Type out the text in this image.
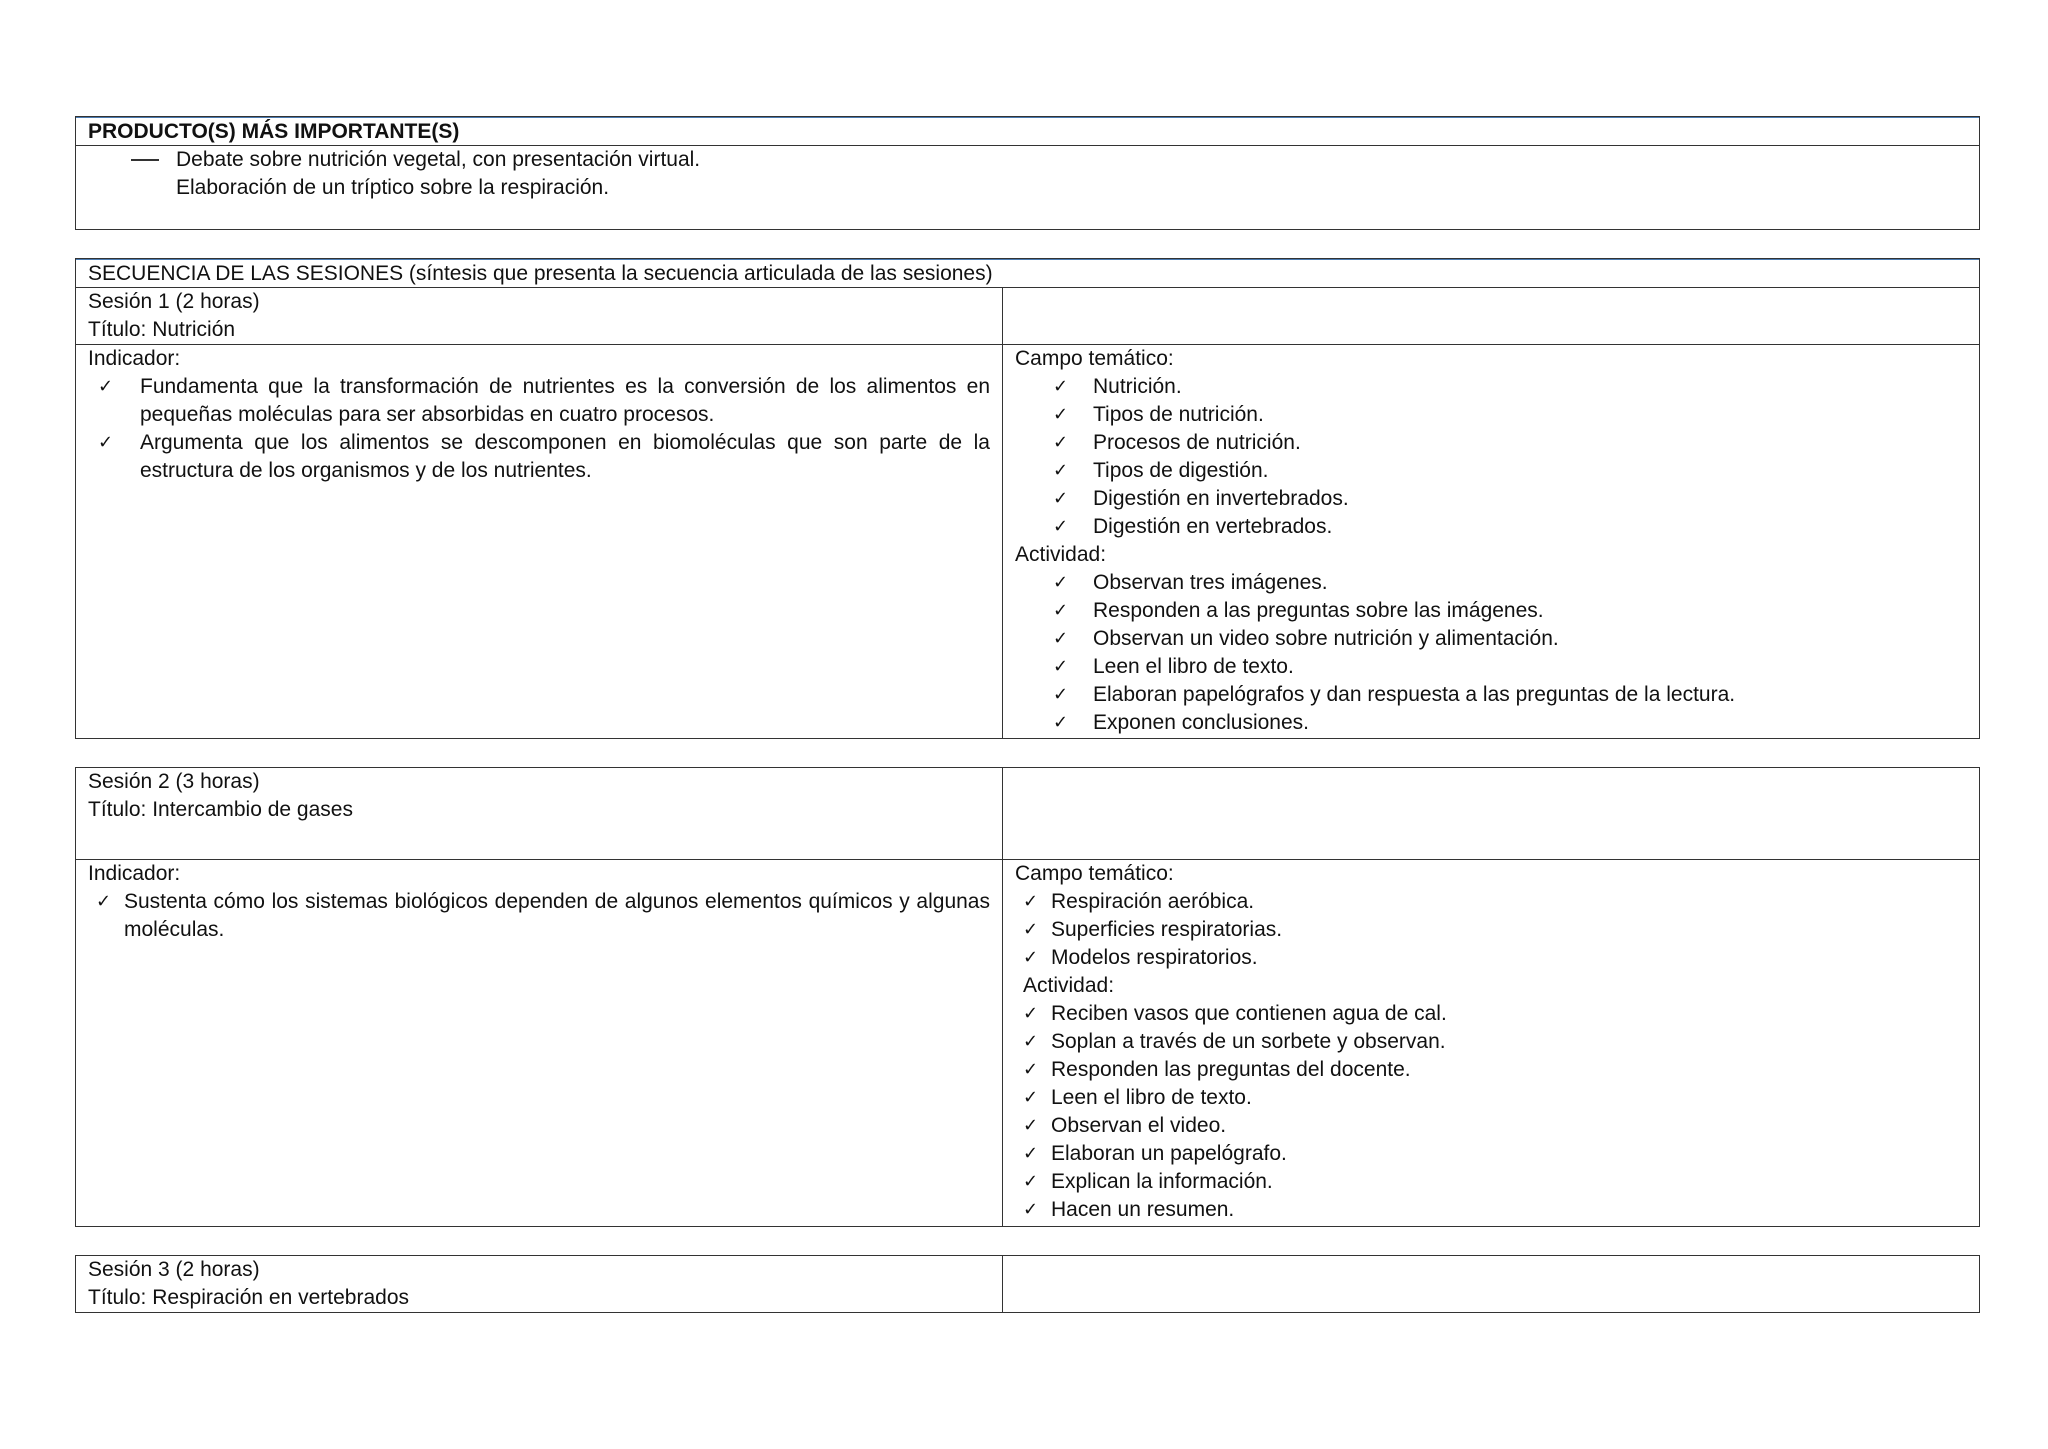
PRODUCTO(S) MÁS IMPORTANTE(S)
Debate sobre nutrición vegetal, con presentación virtual.
Elaboración de un tríptico sobre la respiración.
SECUENCIA DE LAS SESIONES (síntesis que presenta la secuencia articulada de las sesiones)
Sesión 1 (2 horas)
Título: Nutrición
Indicador:
✓ Fundamenta que la transformación de nutrientes es la conversión de los alimentos en pequeñas moléculas para ser absorbidas en cuatro procesos.
✓ Argumenta que los alimentos se descomponen en biomoléculas que son parte de la estructura de los organismos y de los nutrientes.
Campo temático:
✓ Nutrición.
✓ Tipos de nutrición.
✓ Procesos de nutrición.
✓ Tipos de digestión.
✓ Digestión en invertebrados.
✓ Digestión en vertebrados.
Actividad:
✓ Observan tres imágenes.
✓ Responden a las preguntas sobre las imágenes.
✓ Observan un video sobre nutrición y alimentación.
✓ Leen el libro de texto.
✓ Elaboran papelógrafos y dan respuesta a las preguntas de la lectura.
✓ Exponen conclusiones.
Sesión 2 (3 horas)
Título: Intercambio de gases
Indicador:
✓ Sustenta cómo los sistemas biológicos dependen de algunos elementos químicos y algunas moléculas.
Campo temático:
✓ Respiración aeróbica.
✓ Superficies respiratorias.
✓ Modelos respiratorios.
Actividad:
✓ Reciben vasos que contienen agua de cal.
✓ Soplan a través de un sorbete y observan.
✓ Responden las preguntas del docente.
✓ Leen el libro de texto.
✓ Observan el video.
✓ Elaboran un papelógrafo.
✓ Explican la información.
✓ Hacen un resumen.
Sesión 3 (2 horas)
Título: Respiración en vertebrados
